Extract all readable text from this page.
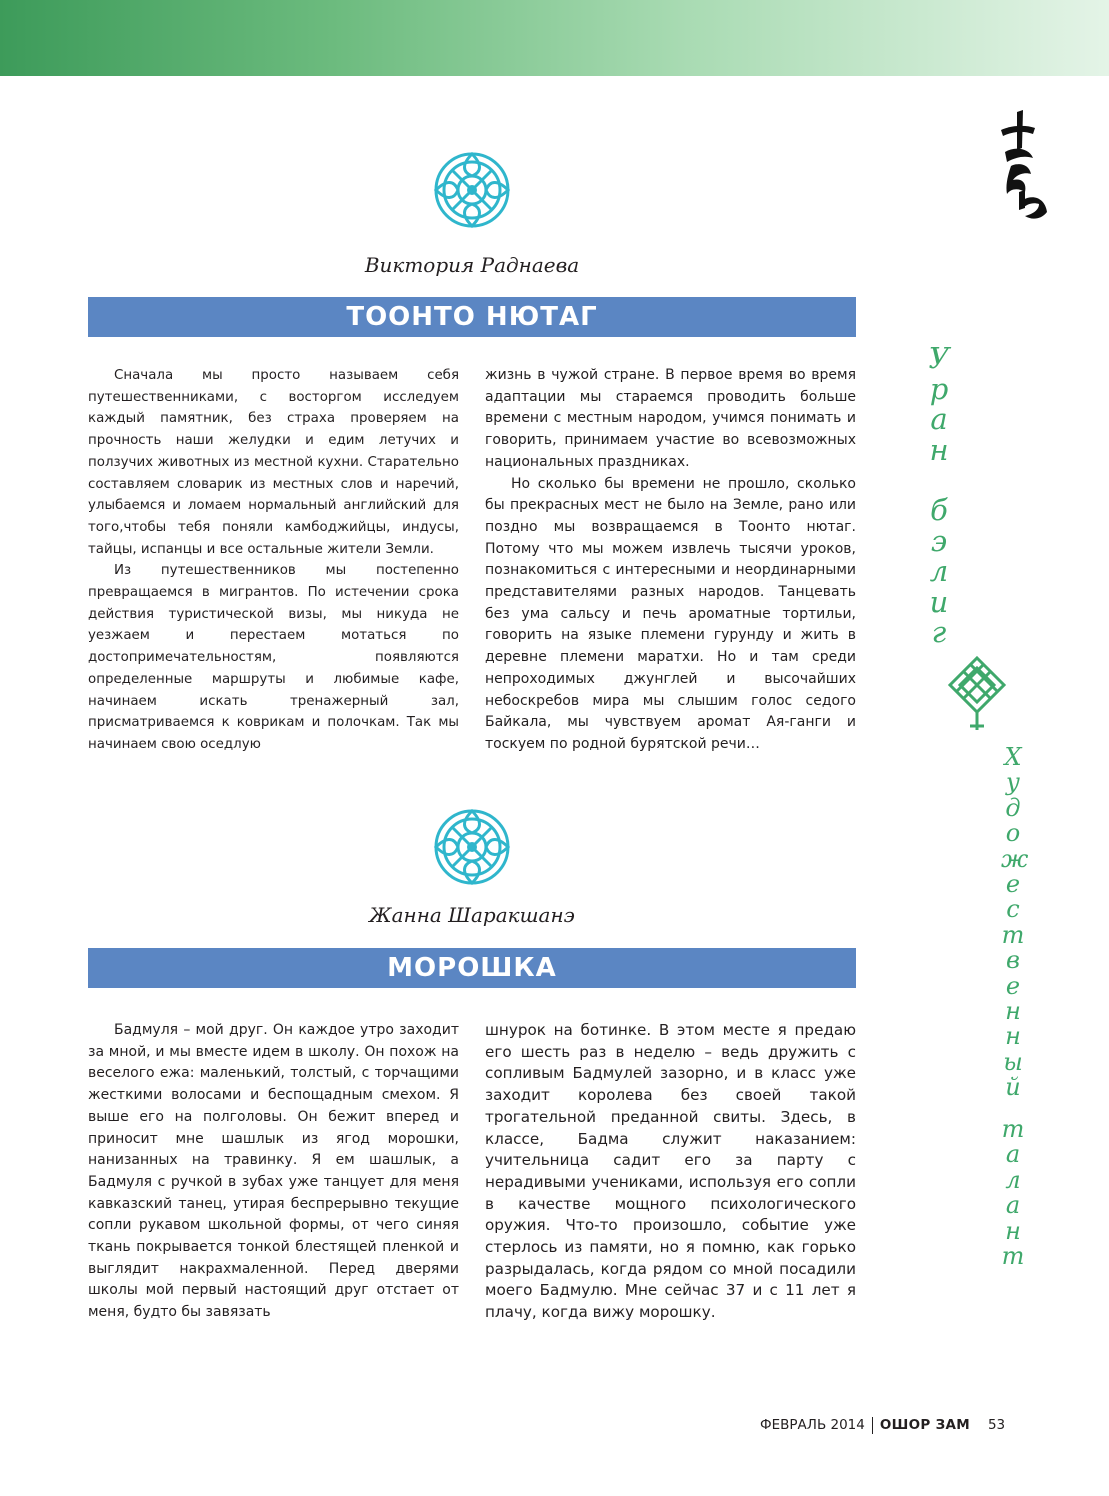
Виктория Раднаева
ТООНТО НЮТАГ

Сначала мы просто называем себя путешественниками, с восторгом исследуем каждый памятник, без страха проверяем на прочность наши желудки и едим летучих и ползучих животных из местной кухни. Старательно составляем словарик из местных слов и наречий, улыбаемся и ломаем нормальный английский для того,чтобы тебя поняли камбоджийцы, индусы, тайцы, испанцы и все остальные жители Земли.

Из путешественников мы постепенно превращаемся в мигрантов. По истечении срока действия туристической визы, мы никуда не уезжаем и перестаем мотаться по достопримечательностям, появляются определенные маршруты и любимые кафе, начинаем искать тренажерный зал, присматриваемся к коврикам и полочкам. Так мы начинаем свою оседлую

жизнь в чужой стране. В первое время во время адаптации мы стараемся проводить больше времени с местным народом, учимся понимать и говорить, принимаем участие во всевозможных национальных праздниках.

Но сколько бы времени не прошло, сколько бы прекрасных мест не было на Земле, рано или поздно мы возвращаемся в Тоонто нютаг. Потому что мы можем извлечь тысячи уроков, познакомиться с интересными и неординарными представителями разных народов. Танцевать без ума сальсу и печь ароматные тортильи, говорить на языке племени гурунду и жить в деревне племени маратхи. Но и там среди непроходимых джунглей и высочайших небоскребов мира мы слышим голос седого Байкала, мы чувствуем аромат Ая-ганги и тоскуем по родной бурятской речи…

Жанна Шаракшанэ
МОРОШКА

Бадмуля – мой друг. Он каждое утро заходит за мной, и мы вместе идем в школу. Он похож на веселого ежа: маленький, толстый, с торчащими жесткими волосами и беспощадным смехом. Я выше его на полголовы. Он бежит вперед и приносит мне шашлык из ягод морошки, нанизанных на травинку. Я ем шашлык, а Бадмуля с ручкой в зубах уже танцует для меня кавказский танец, утирая беспрерывно текущие сопли рукавом школьной формы, от чего синяя ткань покрывается тонкой блестящей пленкой и выглядит накрахмаленной. Перед дверями школы мой первый настоящий друг отстает от меня, будто бы завязать

шнурок на ботинке. В этом месте я предаю его шесть раз в неделю – ведь дружить с сопливым Бадмулей зазорно, и в класс уже заходит королева без своей такой трогательной преданной свиты. Здесь, в классе, Бадма служит наказанием: учительница садит его за парту с нерадивыми учениками, используя его сопли в качестве мощного психологического оружия. Что-то произошло, событие уже стерлось из памяти, но я помню, как горько разрыдалась, когда рядом со мной посадили моего Бадмулю. Мне сейчас 37 и с 11 лет я плачу, когда вижу морошку.

У
р
а
н
б
э
л
и
г
Х
у
д
о
ж
е
с
т
в
е
н
н
ы
й
т
а
л
а
н
т
ФЕВРАЛЬ 2014 ОШОР ЗАМ 53
